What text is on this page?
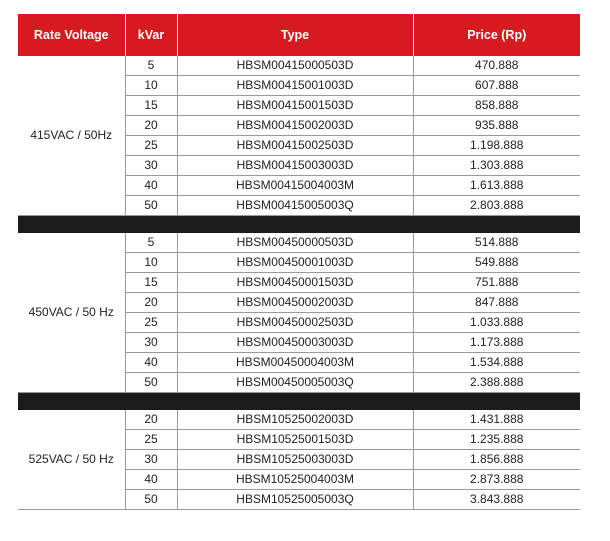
Rate Voltage	kVar	Type	Price (Rp)
415VAC / 50Hz	5	HBSM00415000503D	470.888
	10	HBSM00415001003D	607.888
	15	HBSM00415001503D	858.888
	20	HBSM00415002003D	935.888
	25	HBSM00415002503D	1.198.888
	30	HBSM00415003003D	1.303.888
	40	HBSM00415004003M	1.613.888
	50	HBSM00415005003Q	2.803.888

450VAC / 50 Hz	5	HBSM00450000503D	514.888
	10	HBSM00450001003D	549.888
	15	HBSM00450001503D	751.888
	20	HBSM00450002003D	847.888
	25	HBSM00450002503D	1.033.888
	30	HBSM00450003003D	1.173.888
	40	HBSM00450004003M	1.534.888
	50	HBSM00450005003Q	2.388.888

525VAC / 50 Hz	20	HBSM10525002003D	1.431.888
	25	HBSM10525001503D	1.235.888
	30	HBSM10525003003D	1.856.888
	40	HBSM10525004003M	2.873.888
	50	HBSM10525005003Q	3.843.888
